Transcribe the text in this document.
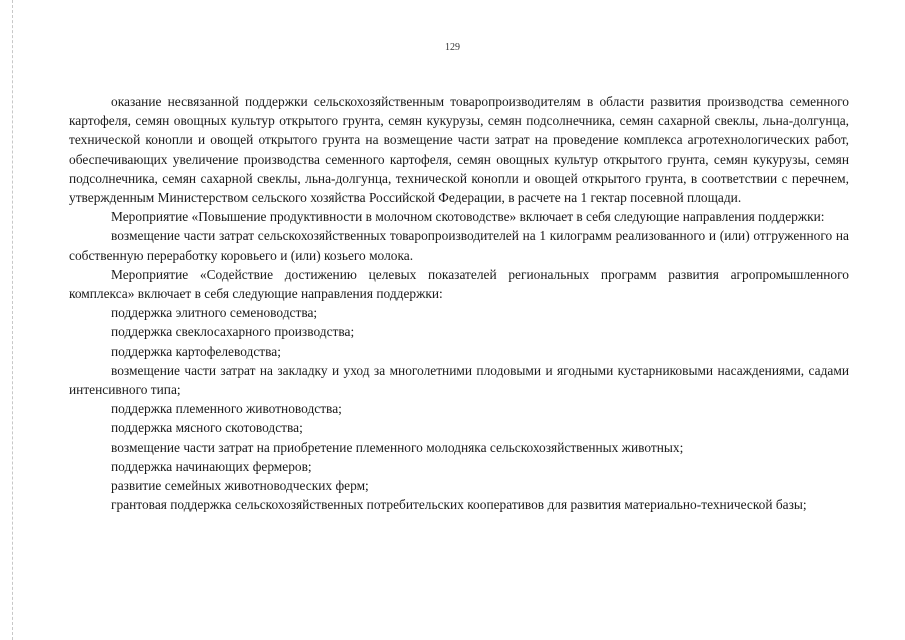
129

оказание несвязанной поддержки сельскохозяйственным товаропроизводителям в области развития производства семенного картофеля, семян овощных культур открытого грунта, семян кукурузы, семян подсолнечника, семян сахарной свеклы, льна-долгунца, технической конопли и овощей открытого грунта на возмещение части затрат на проведение комплекса агротехнологических работ, обеспечивающих увеличение производства семенного картофеля, семян овощных культур открытого грунта, семян кукурузы, семян подсолнечника, семян сахарной свеклы, льна-долгунца, технической конопли и овощей открытого грунта, в соответствии с перечнем, утвержденным Министерством сельского хозяйства Российской Федерации, в расчете на 1 гектар посевной площади.

Мероприятие «Повышение продуктивности в молочном скотоводстве» включает в себя следующие направления поддержки:

возмещение части затрат сельскохозяйственных товаропроизводителей на 1 килограмм реализованного и (или) отгруженного на собственную переработку коровьего и (или) козьего молока.

Мероприятие «Содействие достижению целевых показателей региональных программ развития агропромышленного комплекса» включает в себя следующие направления поддержки:

поддержка элитного семеноводства;

поддержка свеклосахарного производства;

поддержка картофелеводства;

возмещение части затрат на закладку и уход за многолетними плодовыми и ягодными кустарниковыми насаждениями, садами интенсивного типа;

поддержка племенного животноводства;

поддержка мясного скотоводства;

возмещение части затрат на приобретение племенного молодняка сельскохозяйственных животных;

поддержка начинающих фермеров;

развитие семейных животноводческих ферм;

грантовая поддержка сельскохозяйственных потребительских кооперативов для развития материально-технической базы;
